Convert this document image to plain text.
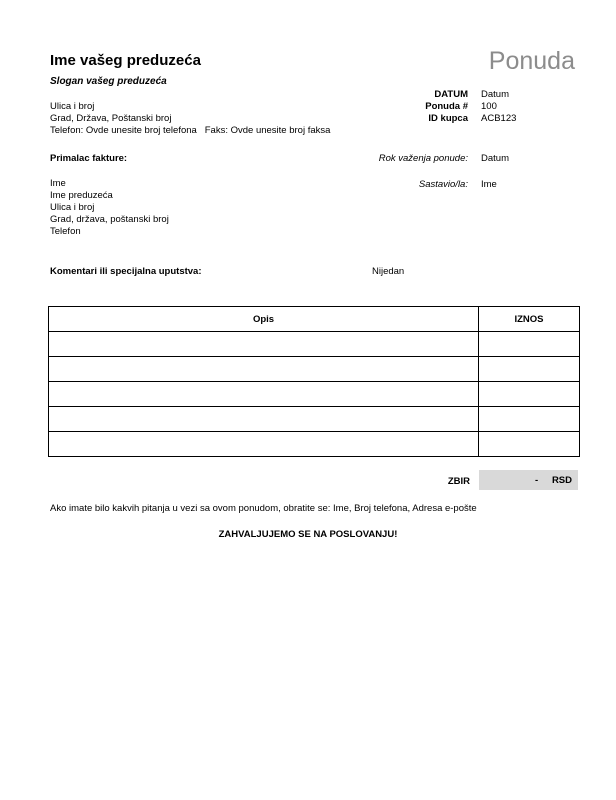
Ime vašeg preduzeća	Ponuda
Slogan vašeg preduzeća
Ulica i broj
Grad, Država, Poštanski broj
Telefon: Ovde unesite broj telefona   Faks: Ovde unesite broj faksa
DATUM Datum
Ponuda # 100
ID kupca ACB123
Primalac fakture:
Ime
Ime preduzeća
Ulica i broj
Grad, država, poštanski broj
Telefon
Rok važenja ponude: Datum
Sastavio/la: Ime
Komentari ili specijalna uputstva:	Nijedan
Opis	IZNOS

ZBIR	- RSD
Ako imate bilo kakvih pitanja u vezi sa ovom ponudom, obratite se: Ime, Broj telefona, Adresa e-pošte
ZAHVALJUJEMO SE NA POSLOVANJU!
